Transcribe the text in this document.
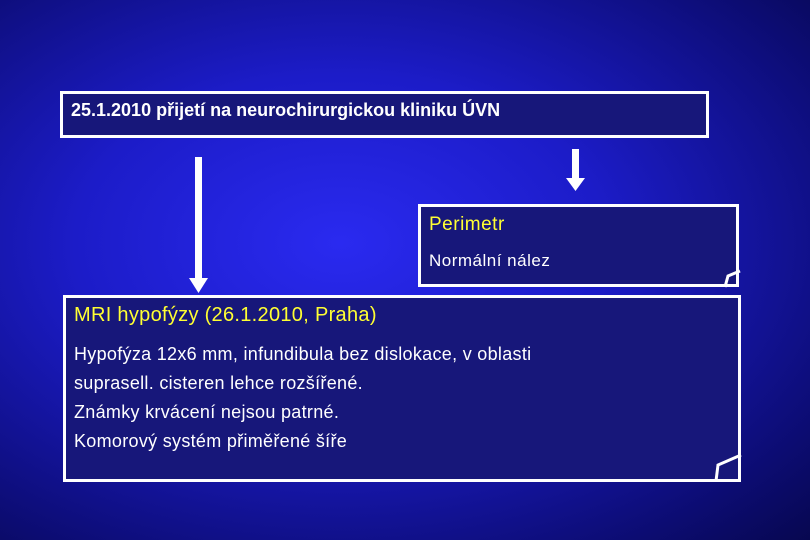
25.1.2010 přijetí na neurochirurgickou kliniku ÚVN
Perimetr
Normální nález
MRI hypofýzy (26.1.2010, Praha)
Hypofýza 12x6 mm, infundibula bez dislokace, v oblasti
suprasell. cisteren lehce rozšířené.
Známky krvácení nejsou patrné.
Komorový systém přiměřené šíře
